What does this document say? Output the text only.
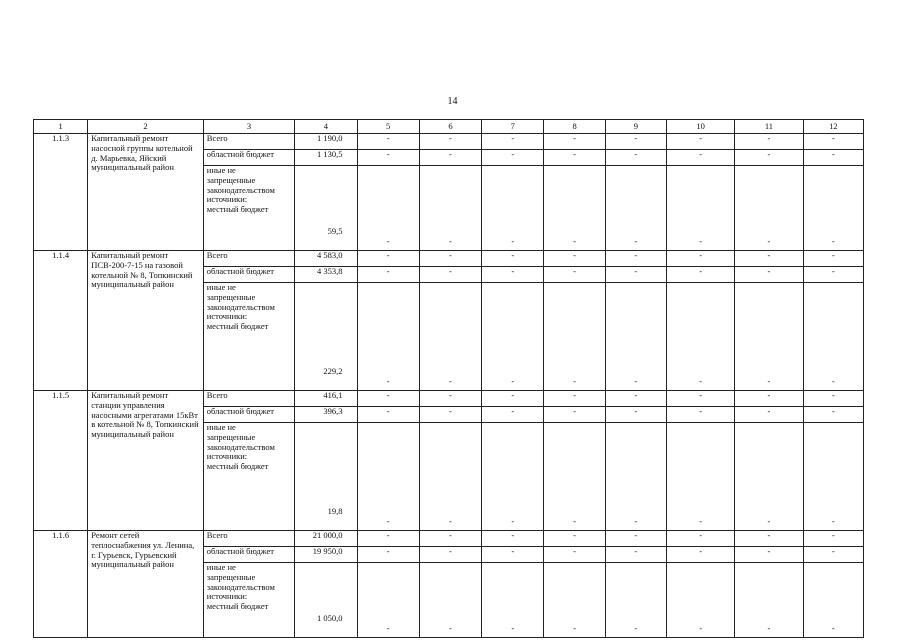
14
1	2	3	4	5	6	7	8	9	10	11	12
1.1.3	Капитальный ремонт насосной группы котельной д. Марьевка, Яйский муниципальный район	Всего	1 190,0	-	-	-	-	-	-	-	-
		областной бюджет	1 130,5	-	-	-	-	-	-	-	-

		иные не
запрещенные
законодательством
источники:
местный бюджет	59,5	-	-	-	-	-	-	-	-
1.1.4	Капитальный ремонт ПСВ-200-7-15 на газовой котельной № 8, Топкинский муниципальный район	Всего	4 583,0	-	-	-	-	-	-	-	-
		областной бюджет	4 353,8	-	-	-	-	-	-	-	-

		иные не
запрещенные
законодательством
источники:
местный бюджет	229,2	-	-	-	-	-	-	-	-
1.1.5	Капитальный ремонт станции управления насосными агрегатами 15кВт в котельной № 8, Топкинский муниципальный район	Всего	416,1	-	-	-	-	-	-	-	-
		областной бюджет	396,3	-	-	-	-	-	-	-	-

		иные не
запрещенные
законодательством
источники:
местный бюджет	19,8	-	-	-	-	-	-	-	-
1.1.6	Ремонт сетей теплоснабжения ул. Ленина, г. Гурьевск, Гурьевский муниципальный район	Всего	21 000,0	-	-	-	-	-	-	-	-
		областной бюджет	19 950,0	-	-	-	-	-	-	-	-

		иные не
запрещенные
законодательством
источники:
местный бюджет	1 050,0	-	-	-	-	-	-	-	-
